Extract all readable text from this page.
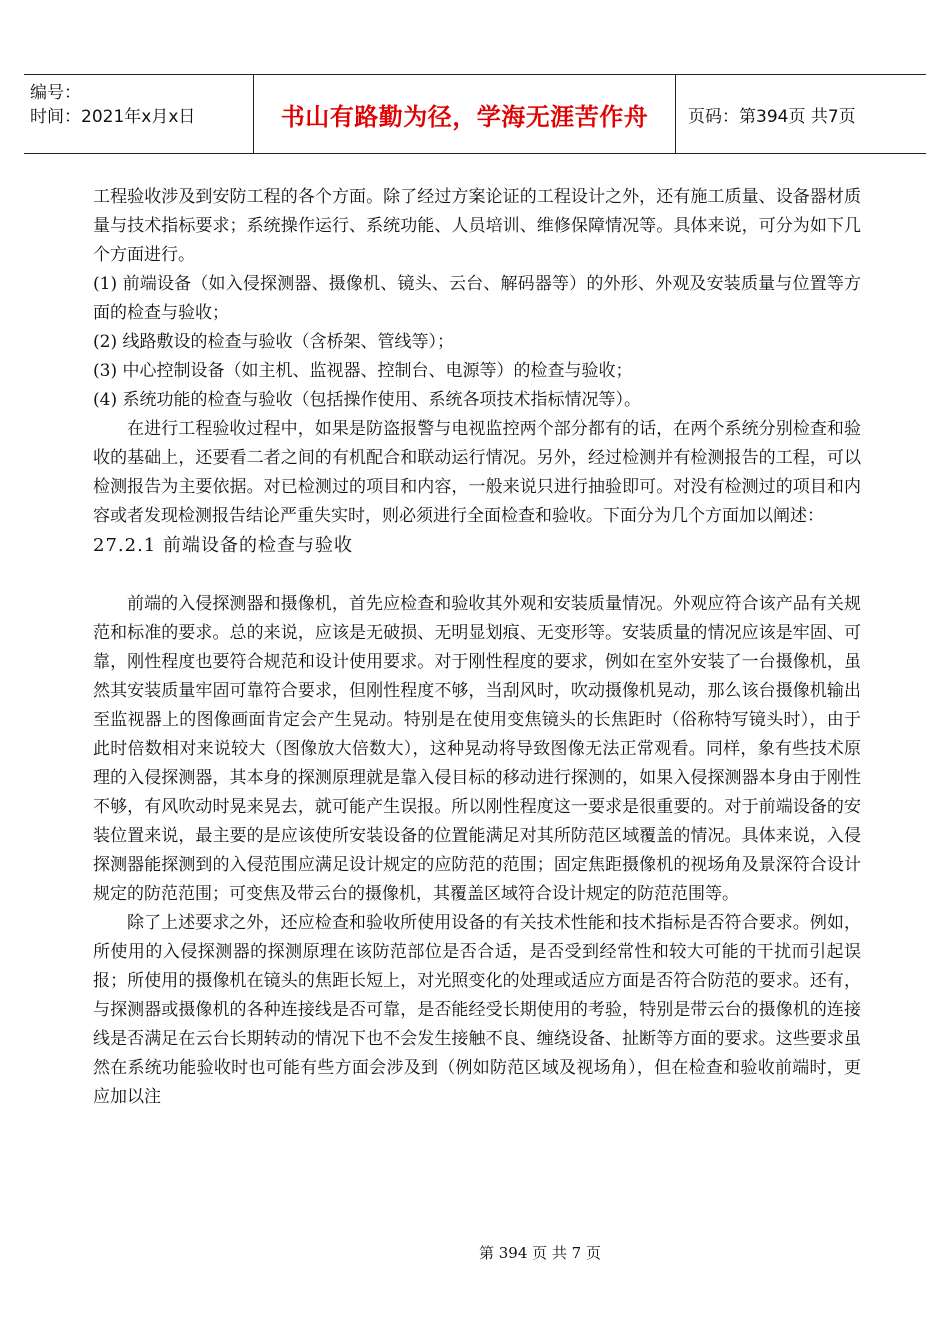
编号：
时间：2021年x月x日	书山有路勤为径，学海无涯苦作舟	页码：第394页 共7页

工程验收涉及到安防工程的各个方面。除了经过方案论证的工程设计之外，还有施工质量、设备器材质量与技术指标要求；系统操作运行、系统功能、人员培训、维修保障情况等。具体来说，可分为如下几个方面进行。

(1) 前端设备（如入侵探测器、摄像机、镜头、云台、解码器等）的外形、外观及安装质量与位置等方面的检查与验收；

(2) 线路敷设的检查与验收（含桥架、管线等）；

(3) 中心控制设备（如主机、监视器、控制台、电源等）的检查与验收；

(4) 系统功能的检查与验收（包括操作使用、系统各项技术指标情况等）。

在进行工程验收过程中，如果是防盗报警与电视监控两个部分都有的话，在两个系统分别检查和验收的基础上，还要看二者之间的有机配合和联动运行情况。另外，经过检测并有检测报告的工程，可以检测报告为主要依据。对已检测过的项目和内容，一般来说只进行抽验即可。对没有检测过的项目和内容或者发现检测报告结论严重失实时，则必须进行全面检查和验收。下面分为几个方面加以阐述：

27.2.1 前端设备的检查与验收

前端的入侵探测器和摄像机，首先应检查和验收其外观和安装质量情况。外观应符合该产品有关规范和标准的要求。总的来说，应该是无破损、无明显划痕、无变形等。安装质量的情况应该是牢固、可靠，刚性程度也要符合规范和设计使用要求。对于刚性程度的要求，例如在室外安装了一台摄像机，虽然其安装质量牢固可靠符合要求，但刚性程度不够，当刮风时，吹动摄像机晃动，那么该台摄像机输出至监视器上的图像画面肯定会产生晃动。特别是在使用变焦镜头的长焦距时（俗称特写镜头时），由于此时倍数相对来说较大（图像放大倍数大），这种晃动将导致图像无法正常观看。同样，象有些技术原理的入侵探测器，其本身的探测原理就是靠入侵目标的移动进行探测的，如果入侵探测器本身由于刚性不够，有风吹动时晃来晃去，就可能产生误报。所以刚性程度这一要求是很重要的。对于前端设备的安装位置来说，最主要的是应该使所安装设备的位置能满足对其所防范区域覆盖的情况。具体来说，入侵探测器能探测到的入侵范围应满足设计规定的应防范的范围；固定焦距摄像机的视场角及景深符合设计规定的防范范围；可变焦及带云台的摄像机，其覆盖区域符合设计规定的防范范围等。

除了上述要求之外，还应检查和验收所使用设备的有关技术性能和技术指标是否符合要求。例如，所使用的入侵探测器的探测原理在该防范部位是否合适，是否受到经常性和较大可能的干扰而引起误报；所使用的摄像机在镜头的焦距长短上，对光照变化的处理或适应方面是否符合防范的要求。还有，与探测器或摄像机的各种连接线是否可靠，是否能经受长期使用的考验，特别是带云台的摄像机的连接线是否满足在云台长期转动的情况下也不会发生接触不良、缠绕设备、扯断等方面的要求。这些要求虽然在系统功能验收时也可能有些方面会涉及到（例如防范区域及视场角），但在检查和验收前端时，更应加以注

第 394 页 共 7 页
